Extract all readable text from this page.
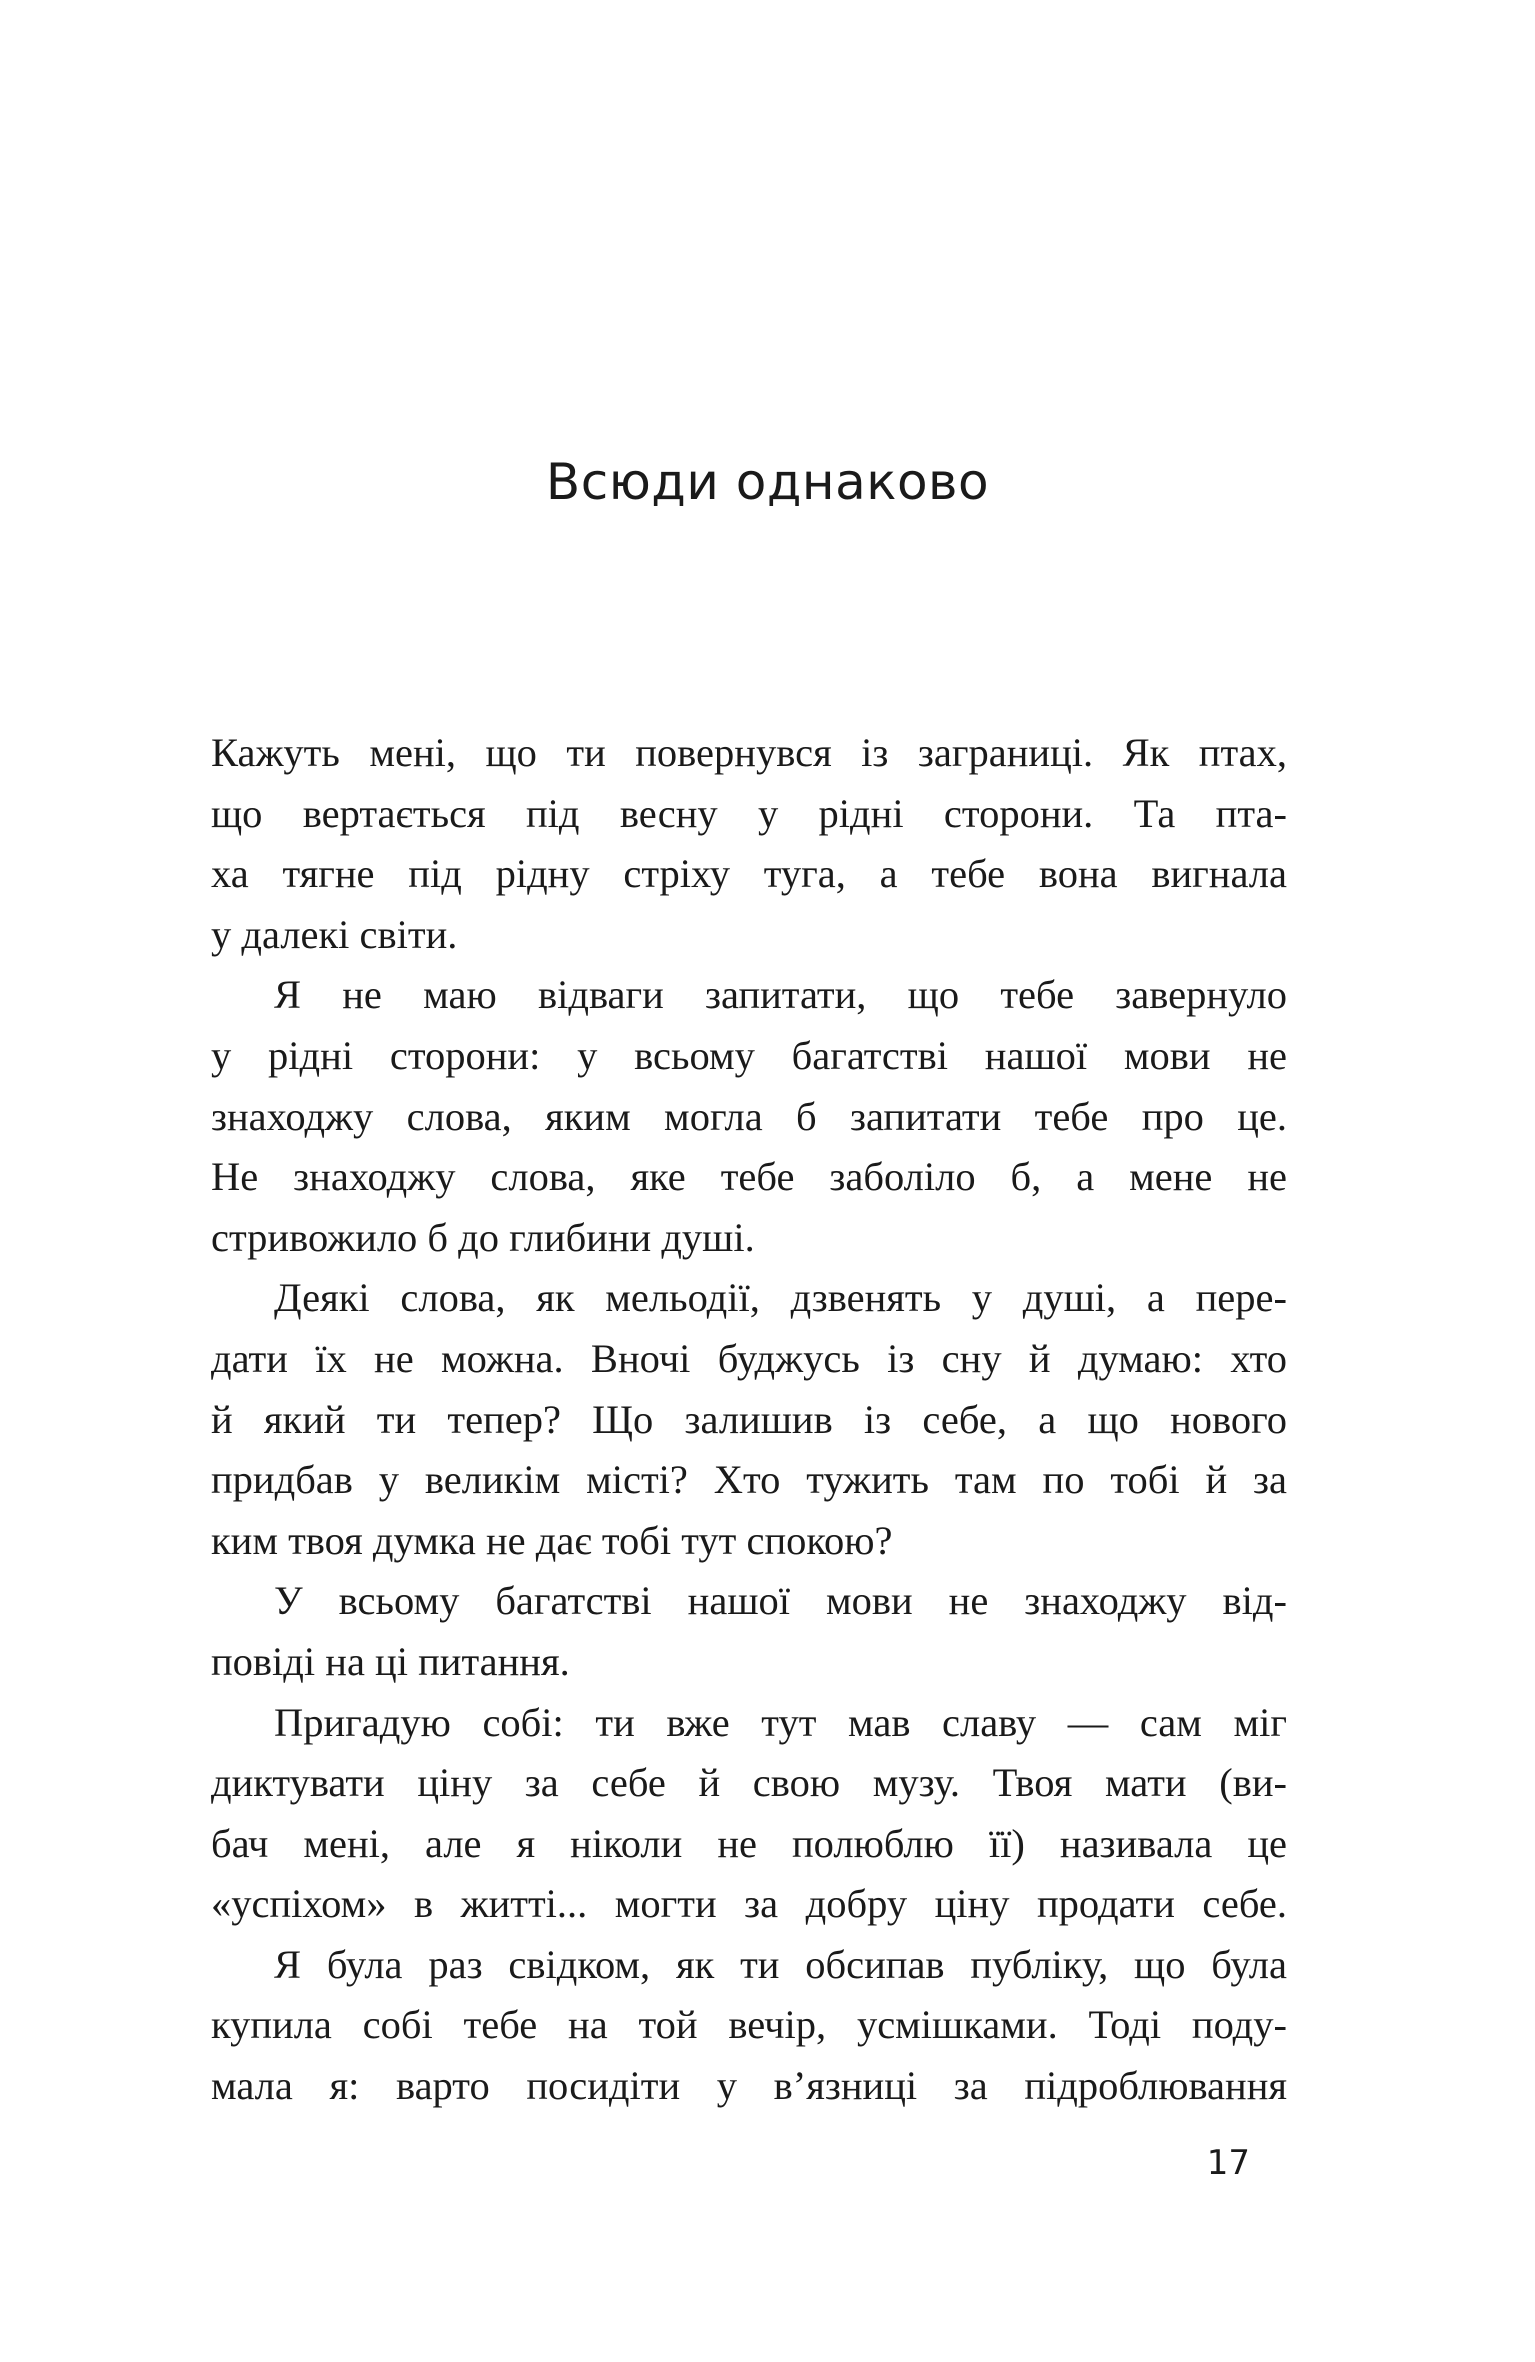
Всюди однаково

Кажуть мені, що ти повернувся із заграниці. Як птах,
що вертається під весну у рідні сторони. Та пта-
ха тягне під рідну стріху туга, а тебе вона вигнала
у далекі світи.

Я не маю відваги запитати, що тебе завернуло
у рідні сторони: у всьому багатстві нашої мови не
знаходжу слова, яким могла б запитати тебе про це.
Не знаходжу слова, яке тебе заболіло б, а мене не
стривожило б до глибини душі.

Деякі слова, як мельодії, дзвенять у душі, а пере-
дати їх не можна. Вночі буджусь із сну й думаю: хто
й який ти тепер? Що залишив із себе, а що нового
придбав у великім місті? Хто тужить там по тобі й за
ким твоя думка не дає тобі тут спокою?

У всьому багатстві нашої мови не знаходжу від-
повіді на ці питання.

Пригадую собі: ти вже тут мав славу — сам міг
диктувати ціну за себе й свою музу. Твоя мати (ви-
бач мені, але я ніколи не полюблю її) називала це
«успіхом» в житті... могти за добру ціну продати себе.

Я була раз свідком, як ти обсипав публіку, що була
купила собі тебе на той вечір, усмішками. Тоді поду-
мала я: варто посидіти у в’язниці за підроблювання

17
